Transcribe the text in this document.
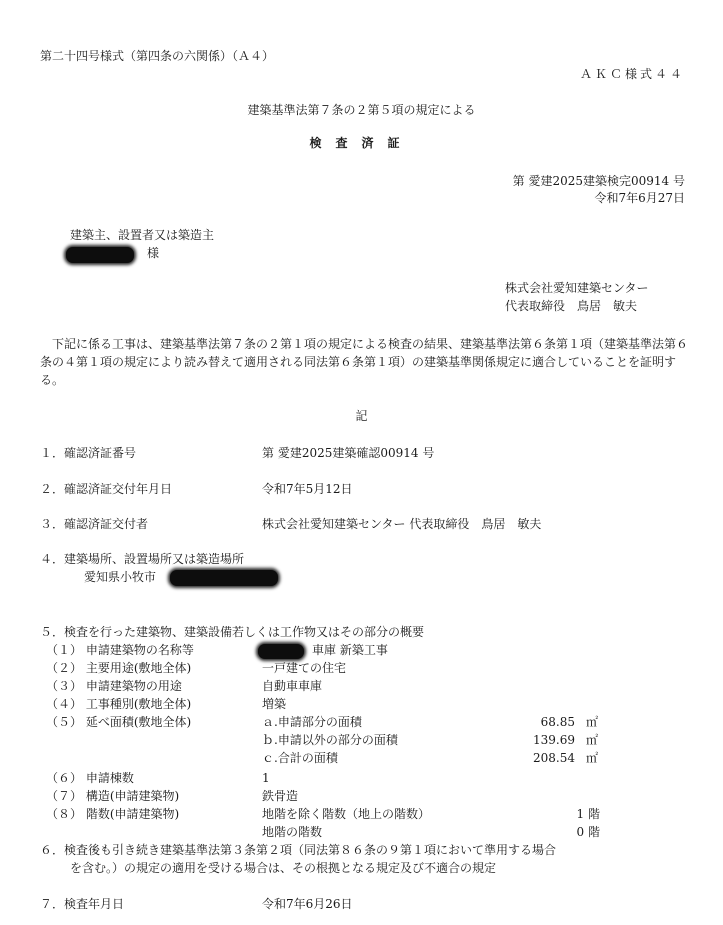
第二十四号様式（第四条の六関係）（Ａ４）
ＡＫＣ様式４４
建築基準法第７条の２第５項の規定による
検査済証
第 愛建2025建築検完00914 号
令和7年6月27日
建築主、設置者又は築造主
様
株式会社愛知建築センター
代表取締役　鳥居　敏夫
下記に係る工事は、建築基準法第７条の２第１項の規定による検査の結果、建築基準法第６条第１項（建築基準法第６条の４第１項の規定により読み替えて適用される同法第６条第１項）の建築基準関係規定に適合していることを証明する。
記
１．確認済証番号	第 愛建2025建築確認00914 号
２．確認済証交付年月日	令和7年5月12日
３．確認済証交付者	株式会社愛知建築センター 代表取締役　鳥居　敏夫
４．建築場所、設置場所又は築造場所
愛知県小牧市
５．検査を行った建築物、建築設備若しくは工作物又はその部分の概要
（１） 申請建築物の名称等	車庫 新築工事
（２） 主要用途(敷地全体)	一戸建ての住宅
（３） 申請建築物の用途	自動車車庫
（４） 工事種別(敷地全体)	増築
（５） 延べ面積(敷地全体)	ａ.申請部分の面積	68.85 ㎡
ｂ.申請以外の部分の面積	139.69 ㎡
ｃ.合計の面積	208.54 ㎡
（６） 申請棟数	1
（７） 構造(申請建築物)	鉄骨造
（８） 階数(申請建築物)	地階を除く階数（地上の階数）	1 階
地階の階数	0 階
６．検査後も引き続き建築基準法第３条第２項（同法第８６条の９第１項において準用する場合
を含む。）の規定の適用を受ける場合は、その根拠となる規定及び不適合の規定
７．検査年月日	令和7年6月26日
